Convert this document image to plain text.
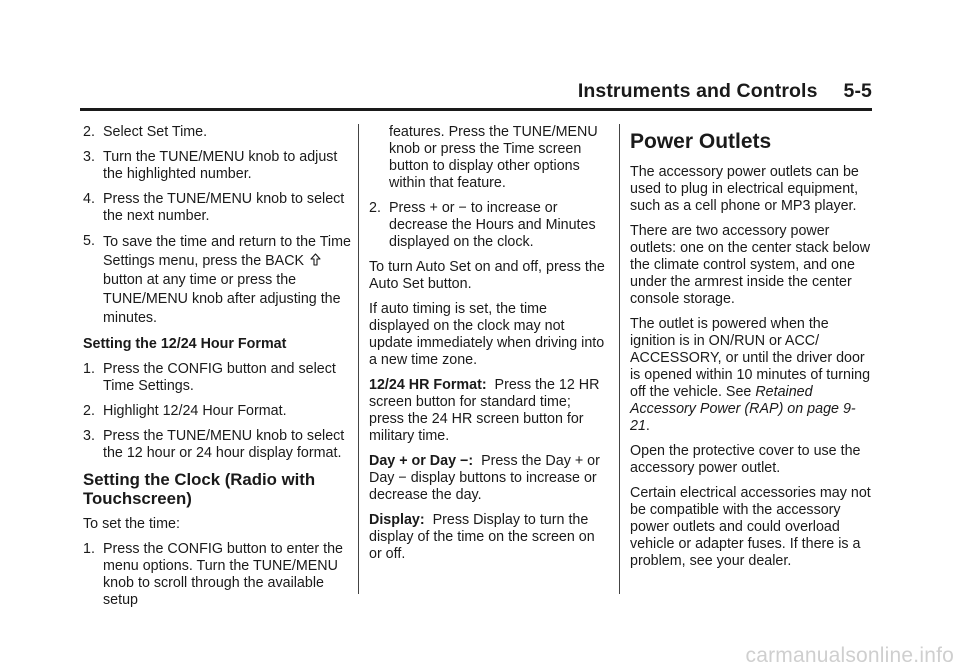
Instruments and Controls 5-5
2. Select Set Time.
3. Turn the TUNE/MENU knob to adjust the highlighted number.
4. Press the TUNE/MENU knob to select the next number.
5. To save the time and return to the Time Settings menu, press the BACK  button at any time or press the TUNE/MENU knob after adjusting the minutes.

Setting the 12/24 Hour Format

1. Press the CONFIG button and select Time Settings.
2. Highlight 12/24 Hour Format.
3. Press the TUNE/MENU knob to select the 12 hour or 24 hour display format.
Setting the Clock (Radio with Touchscreen)

To set the time:

1. Press the CONFIG button to enter the menu options. Turn the TUNE/MENU knob to scroll through the available setup

features. Press the TUNE/MENU knob or press the Time screen button to display other options within that feature.

2. Press + or − to increase or decrease the Hours and Minutes displayed on the clock.

To turn Auto Set on and off, press the Auto Set button.

If auto timing is set, the time displayed on the clock may not update immediately when driving into a new time zone.

12/24 HR Format: Press the 12 HR screen button for standard time; press the 24 HR screen button for military time.

Day + or Day −: Press the Day + or Day − display buttons to increase or decrease the day.

Display: Press Display to turn the display of the time on the screen on or off.

Power Outlets

The accessory power outlets can be used to plug in electrical equipment, such as a cell phone or MP3 player.

There are two accessory power outlets: one on the center stack below the climate control system, and one under the armrest inside the center console storage.

The outlet is powered when the ignition is in ON/RUN or ACC/ ACCESSORY, or until the driver door is opened within 10 minutes of turning off the vehicle. See Retained Accessory Power (RAP) on page 9-21.

Open the protective cover to use the accessory power outlet.

Certain electrical accessories may not be compatible with the accessory power outlets and could overload vehicle or adapter fuses. If there is a problem, see your dealer.

carmanualsonline.info
